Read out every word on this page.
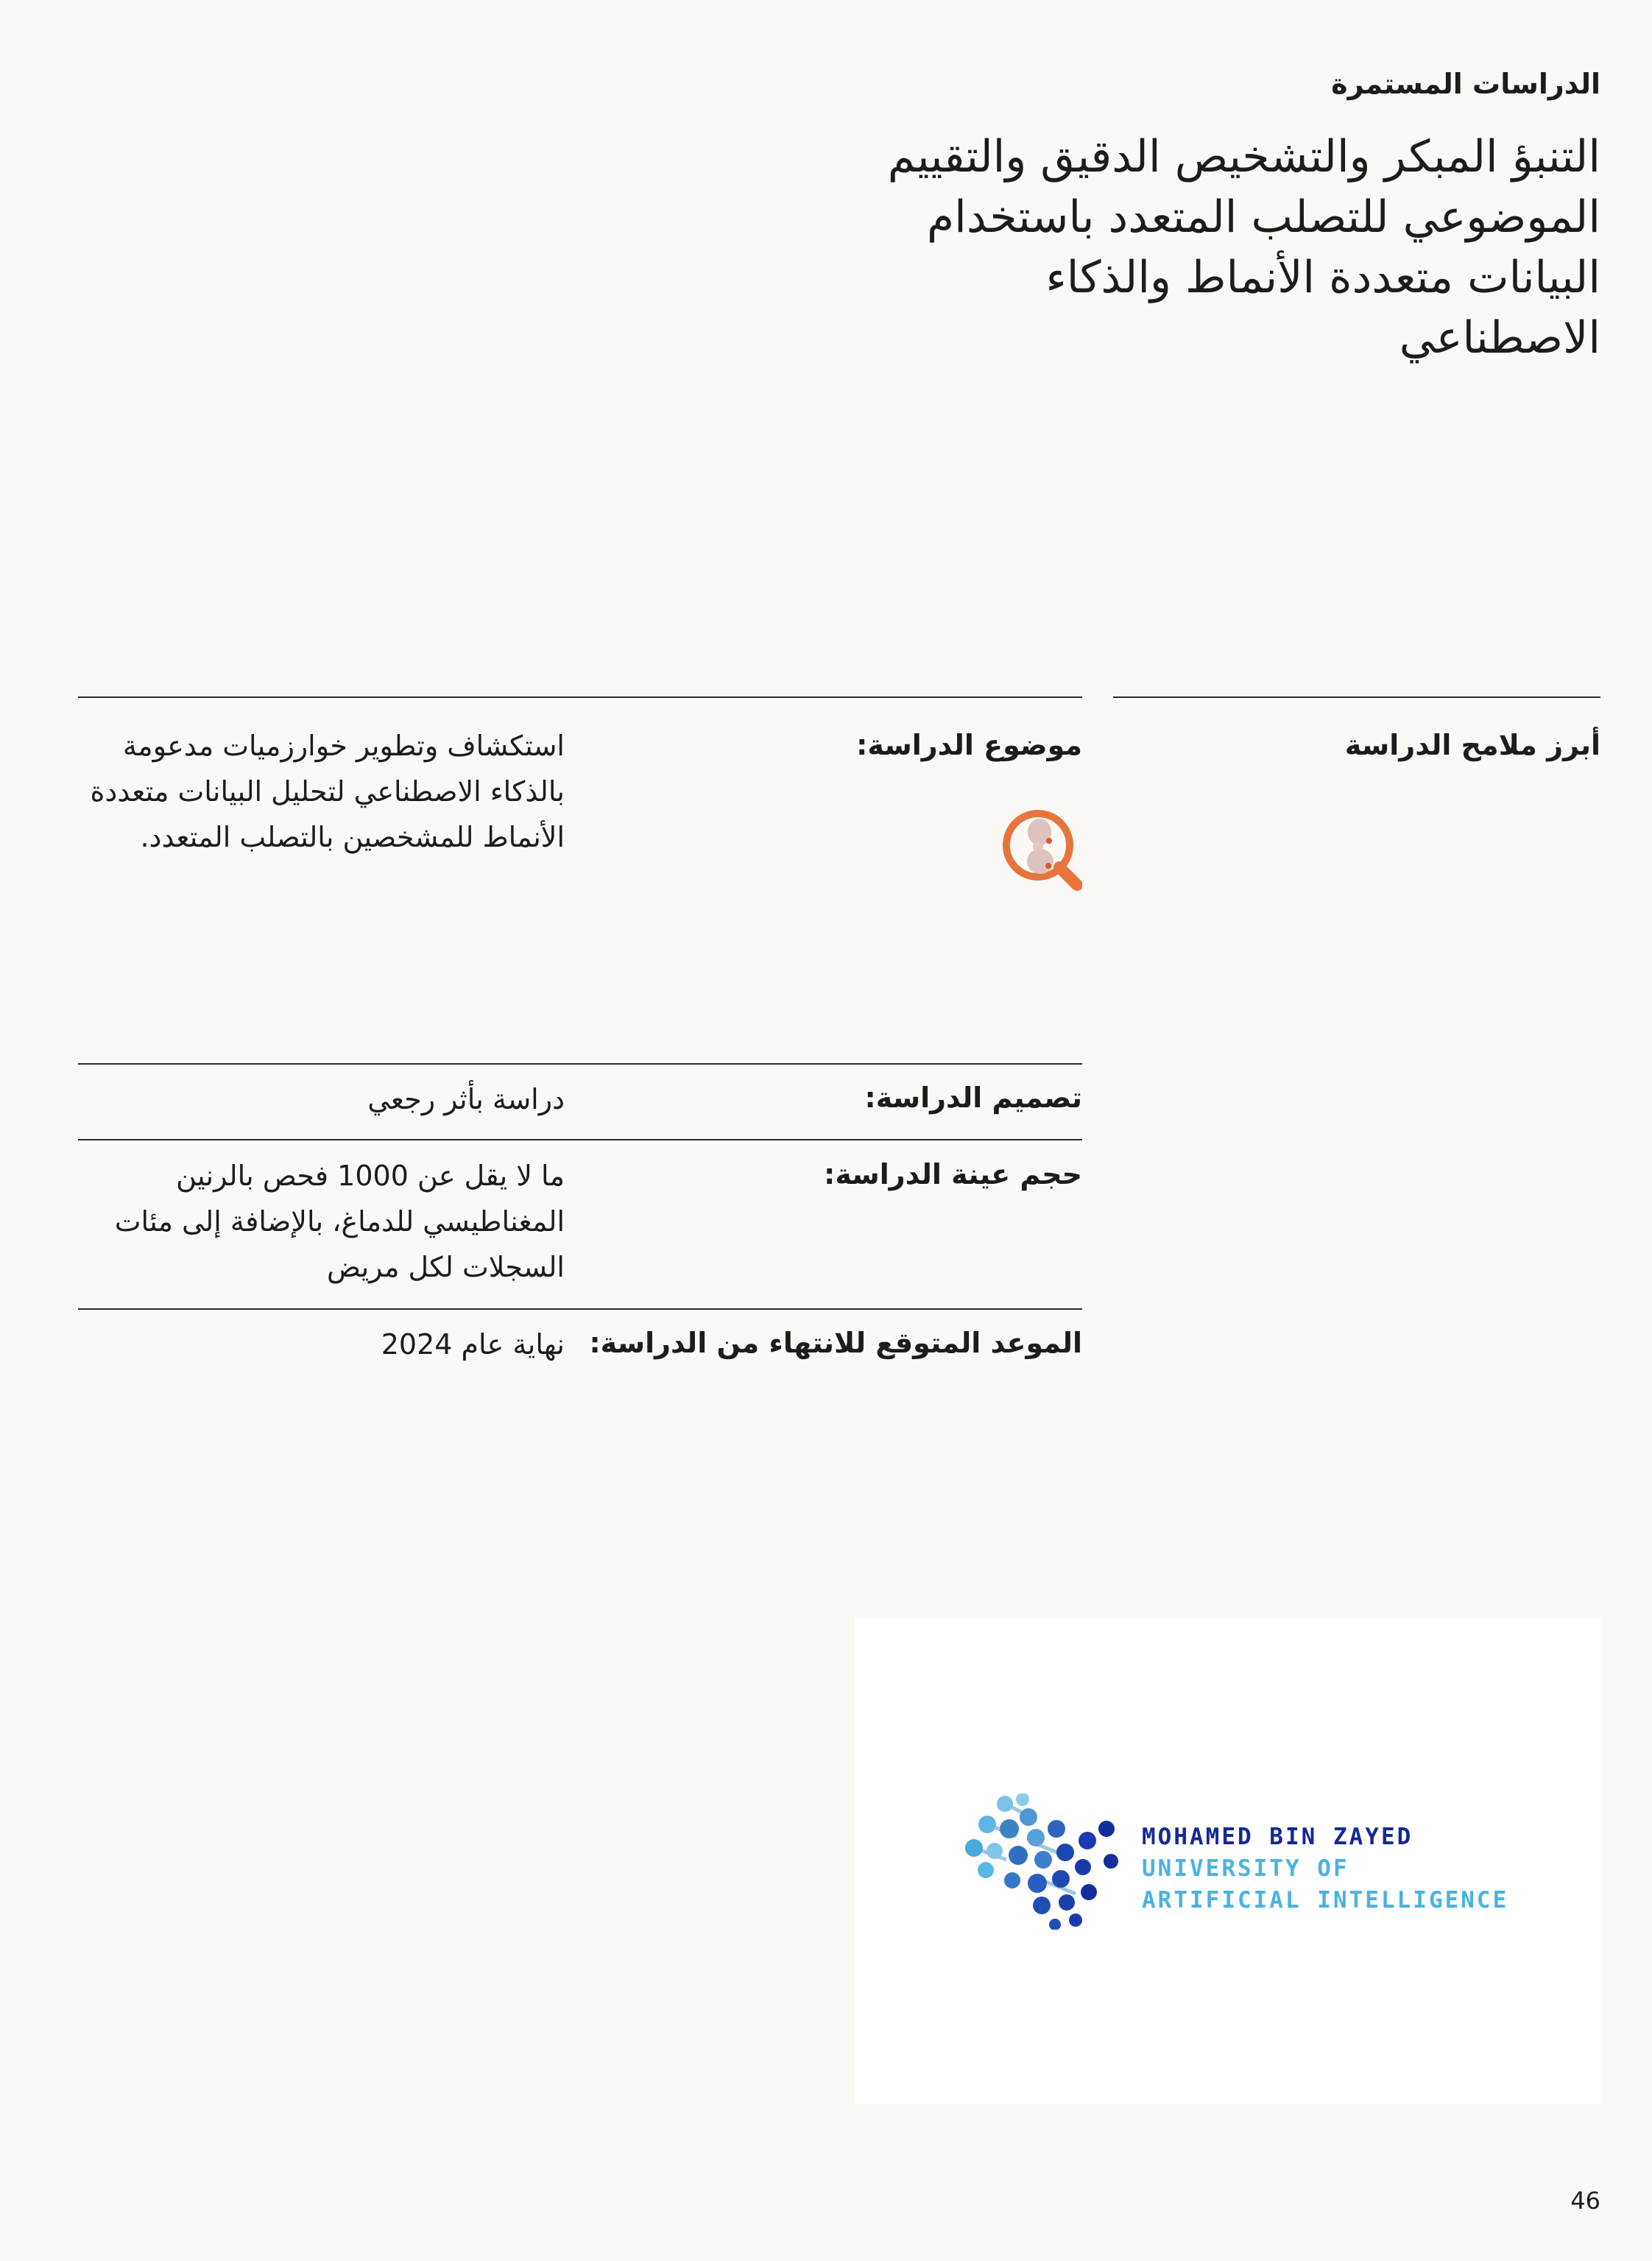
الدراسات المستمرة
التنبؤ المبكر والتشخيص الدقيق والتقييم الموضوعي للتصلب المتعدد باستخدام البيانات متعددة الأنماط والذكاء الاصطناعي
أبرز ملامح الدراسة
موضوع الدراسة:
استكشاف وتطوير خوارزميات مدعومة بالذكاء الاصطناعي لتحليل البيانات متعددة الأنماط للمشخصين بالتصلب المتعدد.
تصميم الدراسة:
دراسة بأثر رجعي
حجم عينة الدراسة:
ما لا يقل عن 1000 فحص بالرنين المغناطيسي للدماغ، بالإضافة إلى مئات السجلات لكل مريض
الموعد المتوقع للانتهاء من الدراسة:
نهاية عام 2024
MOHAMED BIN ZAYED
UNIVERSITY OF
ARTIFICIAL INTELLIGENCE
46
